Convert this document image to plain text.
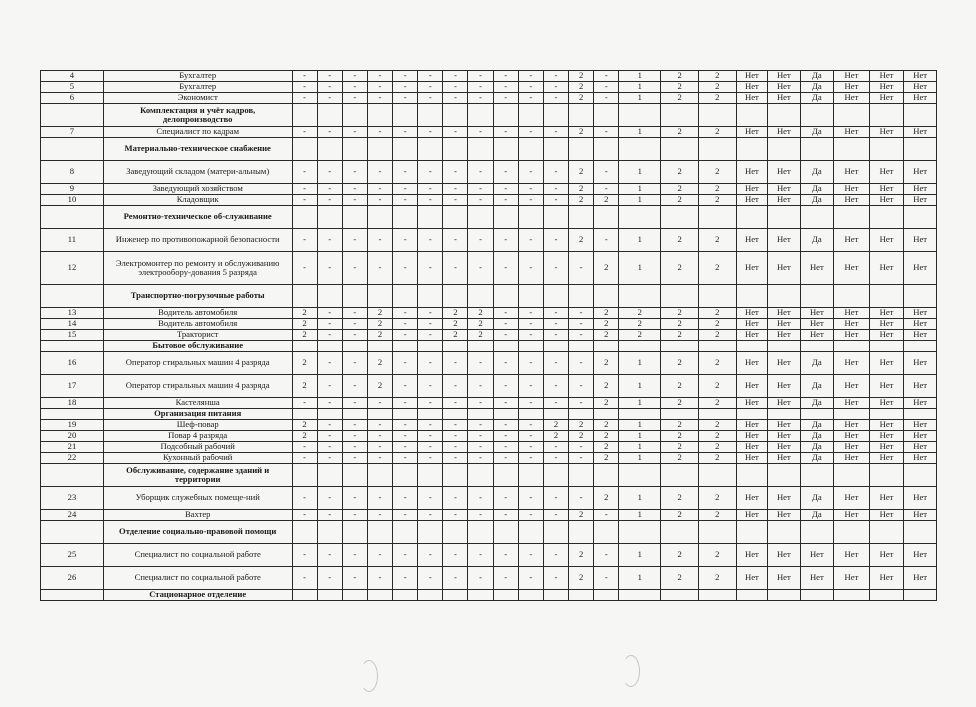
4	Бухгалтер	-	-	-	-	-	-	-	-	-	-	-	2	-	1	2	2	Нет	Нет	Да	Нет	Нет	Нет
5	Бухгалтер	-	-	-	-	-	-	-	-	-	-	-	2	-	1	2	2	Нет	Нет	Да	Нет	Нет	Нет
6	Экономист	-	-	-	-	-	-	-	-	-	-	-	2	-	1	2	2	Нет	Нет	Да	Нет	Нет	Нет
	Комплектация и учёт кадров, делопроизводство																						
7	Специалист по кадрам	-	-	-	-	-	-	-	-	-	-	-	2	-	1	2	2	Нет	Нет	Да	Нет	Нет	Нет
	Материально-техническое снабжение																						
8	Заведующий складом (матери-альным)	-	-	-	-	-	-	-	-	-	-	-	2	-	1	2	2	Нет	Нет	Да	Нет	Нет	Нет
9	Заведующий хозяйством	-	-	-	-	-	-	-	-	-	-	-	2	-	1	2	2	Нет	Нет	Да	Нет	Нет	Нет
10	Кладовщик	-	-	-	-	-	-	-	-	-	-	-	2	2	1	2	2	Нет	Нет	Да	Нет	Нет	Нет
	Ремонтно-техническое об-служивание																						
11	Инженер по противопожарной безопасности	-	-	-	-	-	-	-	-	-	-	-	2	-	1	2	2	Нет	Нет	Да	Нет	Нет	Нет
12	Электромонтер по ремонту и обслуживанию электрообору-дования 5 разряда	-	-	-	-	-	-	-	-	-	-	-	-	2	1	2	2	Нет	Нет	Нет	Нет	Нет	Нет
	Транспортно-погрузочные работы																						
13	Водитель автомобиля	2	-	-	2	-	-	2	2	-	-	-	-	2	2	2	2	Нет	Нет	Нет	Нет	Нет	Нет
14	Водитель автомобиля	2	-	-	2	-	-	2	2	-	-	-	-	2	2	2	2	Нет	Нет	Нет	Нет	Нет	Нет
15	Тракторист	2	-	-	2	-	-	2	2	-	-	-	-	2	2	2	2	Нет	Нет	Нет	Нет	Нет	Нет
	Бытовое обслуживание																						
16	Оператор стиральных машин 4 разряда	2	-	-	2	-	-	-	-	-	-	-	-	2	1	2	2	Нет	Нет	Да	Нет	Нет	Нет
17	Оператор стиральных машин 4 разряда	2	-	-	2	-	-	-	-	-	-	-	-	2	1	2	2	Нет	Нет	Да	Нет	Нет	Нет
18	Кастелянша	-	-	-	-	-	-	-	-	-	-	-	-	2	1	2	2	Нет	Нет	Да	Нет	Нет	Нет
	Организация питания																						
19	Шеф-повар	2	-	-	-	-	-	-	-	-	-	2	2	2	1	2	2	Нет	Нет	Да	Нет	Нет	Нет
20	Повар 4 разряда	2	-	-	-	-	-	-	-	-	-	2	2	2	1	2	2	Нет	Нет	Да	Нет	Нет	Нет
21	Подсобный рабочий	-	-	-	-	-	-	-	-	-	-	-	-	2	1	2	2	Нет	Нет	Да	Нет	Нет	Нет
22	Кухонный рабочий	-	-	-	-	-	-	-	-	-	-	-	-	2	1	2	2	Нет	Нет	Да	Нет	Нет	Нет
	Обслуживание, содержание зданий и территории																						
23	Уборщик служебных помеще-ний	-	-	-	-	-	-	-	-	-	-	-	-	2	1	2	2	Нет	Нет	Да	Нет	Нет	Нет
24	Вахтер	-	-	-	-	-	-	-	-	-	-	-	2	-	1	2	2	Нет	Нет	Да	Нет	Нет	Нет
	Отделение социально-правовой помощи																						
25	Специалист по социальной работе	-	-	-	-	-	-	-	-	-	-	-	2	-	1	2	2	Нет	Нет	Нет	Нет	Нет	Нет
26	Специалист по социальной работе	-	-	-	-	-	-	-	-	-	-	-	2	-	1	2	2	Нет	Нет	Нет	Нет	Нет	Нет
	Стационарное отделение																						
